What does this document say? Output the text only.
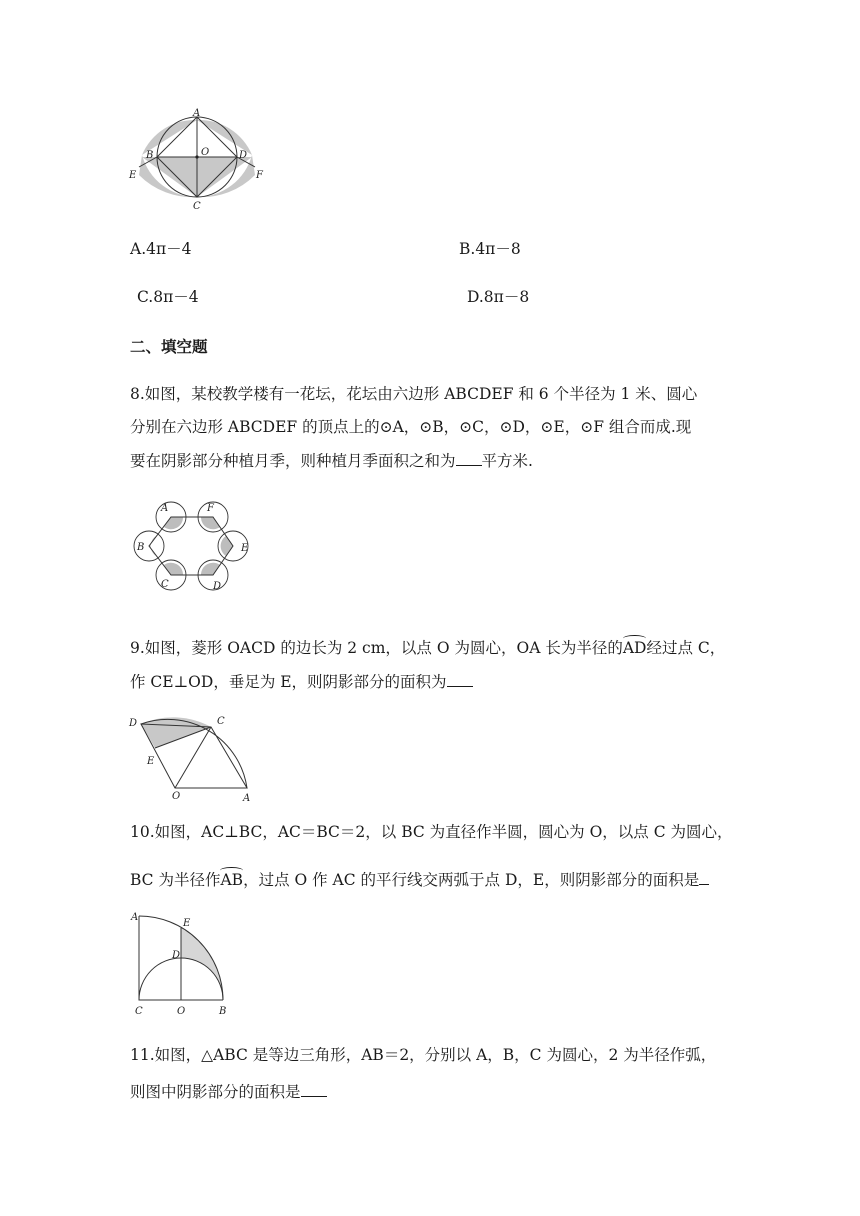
A
B	O	D
E	F
C
A.4π－4	B.4π－8
C.8π－4	D.8π－8
二、填空题
8.如图，某校教学楼有一花坛，花坛由六边形 ABCDEF 和 6 个半径为 1 米、圆心
分别在六边形 ABCDEF 的顶点上的⊙A，⊙B，⊙C，⊙D，⊙E，⊙F 组合而成.现
要在阴影部分种植月季，则种植月季面积之和为 平方米.
A	F
B	E
C	D
9.如图，菱形 OACD 的边长为 2 cm，以点 O 为圆心，OA 长为半径的AD经过点 C，
作 CE⊥OD，垂足为 E，则阴影部分的面积为
D	C
E
O	A
10.如图，AC⊥BC，AC＝BC＝2，以 BC 为直径作半圆，圆心为 O，以点 C 为圆心，
BC 为半径作AB，过点 O 作 AC 的平行线交两弧于点 D，E，则阴影部分的面积是
A
E
D
C	O	B
11.如图，△ABC 是等边三角形，AB＝2，分别以 A，B，C 为圆心，2 为半径作弧，
则图中阴影部分的面积是
